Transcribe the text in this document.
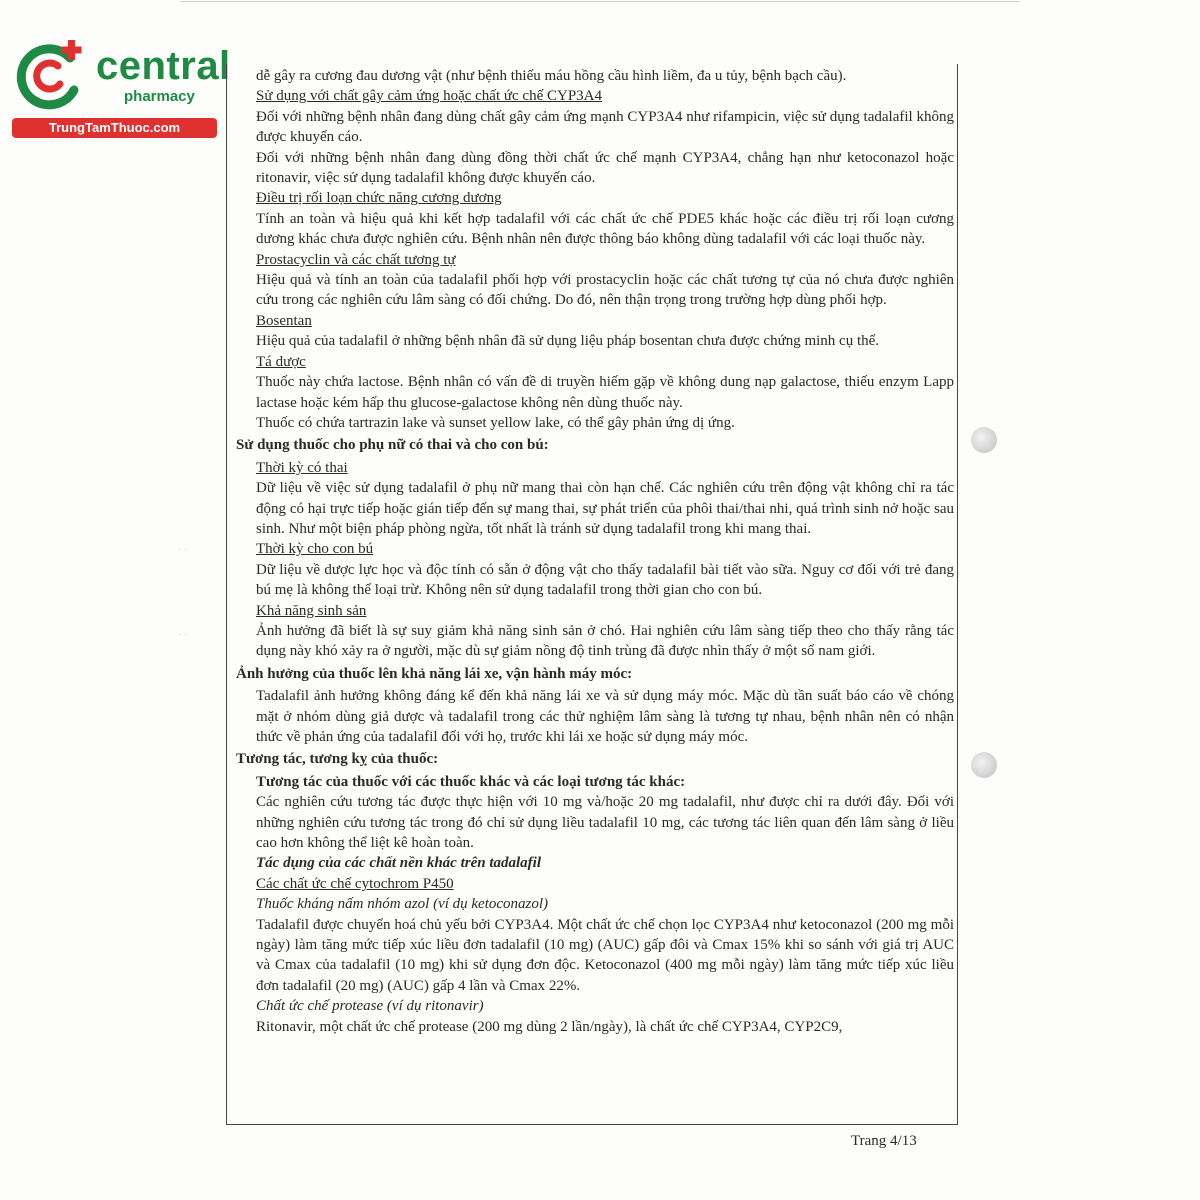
central
pharmacy
TrungTamThuoc.com
· ·
· ·

dễ gây ra cương đau dương vật (như bệnh thiếu máu hồng cầu hình liềm, đa u tủy, bệnh bạch cầu).

Sử dụng với chất gây cảm ứng hoặc chất ức chế CYP3A4

Đối với những bệnh nhân đang dùng chất gây cảm ứng mạnh CYP3A4 như rifampicin, việc sử dụng tadalafil không được khuyến cáo.

Đối với những bệnh nhân đang dùng đồng thời chất ức chế mạnh CYP3A4, chẳng hạn như ketoconazol hoặc ritonavir, việc sử dụng tadalafil không được khuyến cáo.

Điều trị rối loạn chức năng cương dương

Tính an toàn và hiệu quả khi kết hợp tadalafil với các chất ức chế PDE5 khác hoặc các điều trị rối loạn cương dương khác chưa được nghiên cứu. Bệnh nhân nên được thông báo không dùng tadalafil với các loại thuốc này.

Prostacyclin và các chất tương tự

Hiệu quả và tính an toàn của tadalafil phối hợp với prostacyclin hoặc các chất tương tự của nó chưa được nghiên cứu trong các nghiên cứu lâm sàng có đối chứng. Do đó, nên thận trọng trong trường hợp dùng phối hợp.

Bosentan

Hiệu quả của tadalafil ở những bệnh nhân đã sử dụng liệu pháp bosentan chưa được chứng minh cụ thể.

Tá dược

Thuốc này chứa lactose. Bệnh nhân có vấn đề di truyền hiếm gặp về không dung nạp galactose, thiếu enzym Lapp lactase hoặc kém hấp thu glucose-galactose không nên dùng thuốc này.

Thuốc có chứa tartrazin lake và sunset yellow lake, có thể gây phản ứng dị ứng.

Sử dụng thuốc cho phụ nữ có thai và cho con bú:

Thời kỳ có thai

Dữ liệu về việc sử dụng tadalafil ở phụ nữ mang thai còn hạn chế. Các nghiên cứu trên động vật không chỉ ra tác động có hại trực tiếp hoặc gián tiếp đến sự mang thai, sự phát triển của phôi thai/thai nhi, quá trình sinh nở hoặc sau sinh. Như một biện pháp phòng ngừa, tốt nhất là tránh sử dụng tadalafil trong khi mang thai.

Thời kỳ cho con bú

Dữ liệu về dược lực học và độc tính có sẵn ở động vật cho thấy tadalafil bài tiết vào sữa. Nguy cơ đối với trẻ đang bú mẹ là không thể loại trừ. Không nên sử dụng tadalafil trong thời gian cho con bú.

Khả năng sinh sản

Ảnh hưởng đã biết là sự suy giảm khả năng sinh sản ở chó. Hai nghiên cứu lâm sàng tiếp theo cho thấy rằng tác dụng này khó xảy ra ở người, mặc dù sự giảm nồng độ tinh trùng đã được nhìn thấy ở một số nam giới.

Ảnh hưởng của thuốc lên khả năng lái xe, vận hành máy móc:

Tadalafil ảnh hưởng không đáng kể đến khả năng lái xe và sử dụng máy móc. Mặc dù tần suất báo cáo về chóng mặt ở nhóm dùng giả dược và tadalafil trong các thử nghiệm lâm sàng là tương tự nhau, bệnh nhân nên có nhận thức về phản ứng của tadalafil đối với họ, trước khi lái xe hoặc sử dụng máy móc.

Tương tác, tương kỵ của thuốc:

Tương tác của thuốc với các thuốc khác và các loại tương tác khác:

Các nghiên cứu tương tác được thực hiện với 10 mg và/hoặc 20 mg tadalafil, như được chỉ ra dưới đây. Đối với những nghiên cứu tương tác trong đó chỉ sử dụng liều tadalafil 10 mg, các tương tác liên quan đến lâm sàng ở liều cao hơn không thể liệt kê hoàn toàn.

Tác dụng của các chất nền khác trên tadalafil

Các chất ức chế cytochrom P450

Thuốc kháng nấm nhóm azol (ví dụ ketoconazol)

Tadalafil được chuyển hoá chủ yếu bởi CYP3A4. Một chất ức chế chọn lọc CYP3A4 như ketoconazol (200 mg mỗi ngày) làm tăng mức tiếp xúc liều đơn tadalafil (10 mg) (AUC) gấp đôi và Cmax 15% khi so sánh với giá trị AUC và Cmax của tadalafil (10 mg) khi sử dụng đơn độc. Ketoconazol (400 mg mỗi ngày) làm tăng mức tiếp xúc liều đơn tadalafil (20 mg) (AUC) gấp 4 lần và Cmax 22%.

Chất ức chế protease (ví dụ ritonavir)

Ritonavir, một chất ức chế protease (200 mg dùng 2 lần/ngày), là chất ức chế CYP3A4, CYP2C9,

Trang 4/13
